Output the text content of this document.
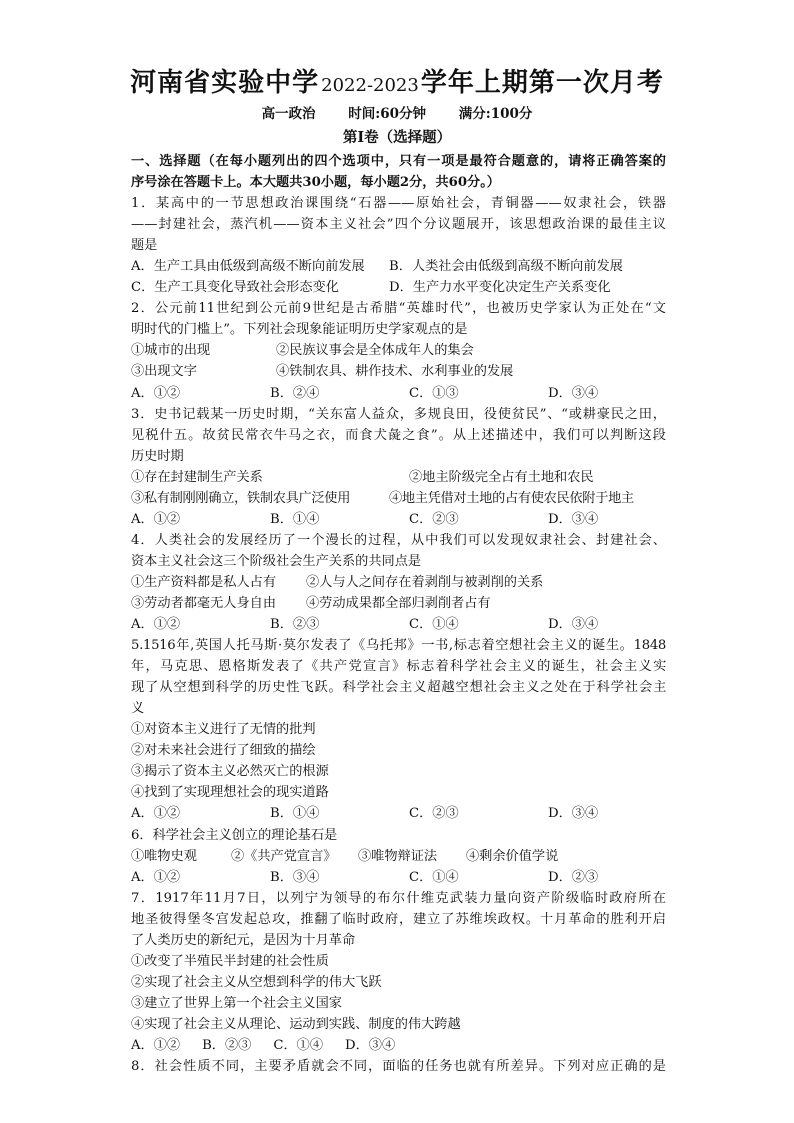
河南省实验中学 2022-2023学年上期第一次月考
高一政治 时间:60分钟 满分:100分
第Ⅰ卷（选择题）
一、选择题（在每小题列出的四个选项中，只有一项是最符合题意的，请将正确答案的
序号涂在答题卡上。本大题共30小题，每小题2分，共60分。）
1．某高中的一节思想政治课围绕“石器——原始社会，青铜器——奴隶社会，铁器
——封建社会，蒸汽机——资本主义社会”四个分议题展开，该思想政治课的最佳主议
题是
A．生产工具由低级到高级不断向前发展	B．人类社会由低级到高级不断向前发展
C．生产工具变化导致社会形态变化	D．生产力水平变化决定生产关系变化
2．公元前11世纪到公元前9世纪是古希腊“英雄时代”，也被历史学家认为正处在“文
明时代的门槛上”。下列社会现象能证明历史学家观点的是
①城市的出现	②民族议事会是全体成年人的集会
③出现文字	④铁制农具、耕作技术、水利事业的发展
A．①②	B．②④	C．①③	D．③④
3．史书记载某一历史时期，“关东富人益众，多规良田，役使贫民”、“或耕豪民之田，
见税什五。故贫民常衣牛马之衣，而食犬彘之食”。从上述描述中，我们可以判断这段
历史时期
①存在封建制生产关系	②地主阶级完全占有土地和农民
③私有制刚刚确立，铁制农具广泛使用	④地主凭借对土地的占有使农民依附于地主
A．①②	B．①④	C．②③	D．③④
4．人类社会的发展经历了一个漫长的过程，从中我们可以发现奴隶社会、封建社会、
资本主义社会这三个阶级社会生产关系的共同点是
①生产资料都是私人占有	②人与人之间存在着剥削与被剥削的关系
③劳动者都毫无人身自由	④劳动成果都全部归剥削者占有
A．①②	B．②③	C．①④	D．③④
5.1516年,英国人托马斯·莫尔发表了《乌托邦》一书,标志着空想社会主义的诞生。1848
年，马克思、恩格斯发表了《共产党宣言》标志着科学社会主义的诞生，社会主义实
现了从空想到科学的历史性飞跃。科学社会主义超越空想社会主义之处在于科学社会主
义
①对资本主义进行了无情的批判
②对未来社会进行了细致的描绘
③揭示了资本主义必然灭亡的根源
④找到了实现理想社会的现实道路
A．①②	B．①④	C．②③	D．③④
6．科学社会主义创立的理论基石是
①唯物史观	②《共产党宣言》	③唯物辩证法	④剩余价值学说
A．①②	B．③④	C．①④	D．②③
7．1917年11月7日，以列宁为领导的布尔什维克武装力量向资产阶级临时政府所在
地圣彼得堡冬宫发起总攻，推翻了临时政府，建立了苏维埃政权。十月革命的胜利开启
了人类历史的新纪元，是因为十月革命
①改变了半殖民半封建的社会性质
②实现了社会主义从空想到科学的伟大飞跃
③建立了世界上第一个社会主义国家
④实现了社会主义从理论、运动到实践、制度的伟大跨越
A．①② B．②③ C．①④ D．③④
8．社会性质不同，主要矛盾就会不同，面临的任务也就有所差异。下列对应正确的是
